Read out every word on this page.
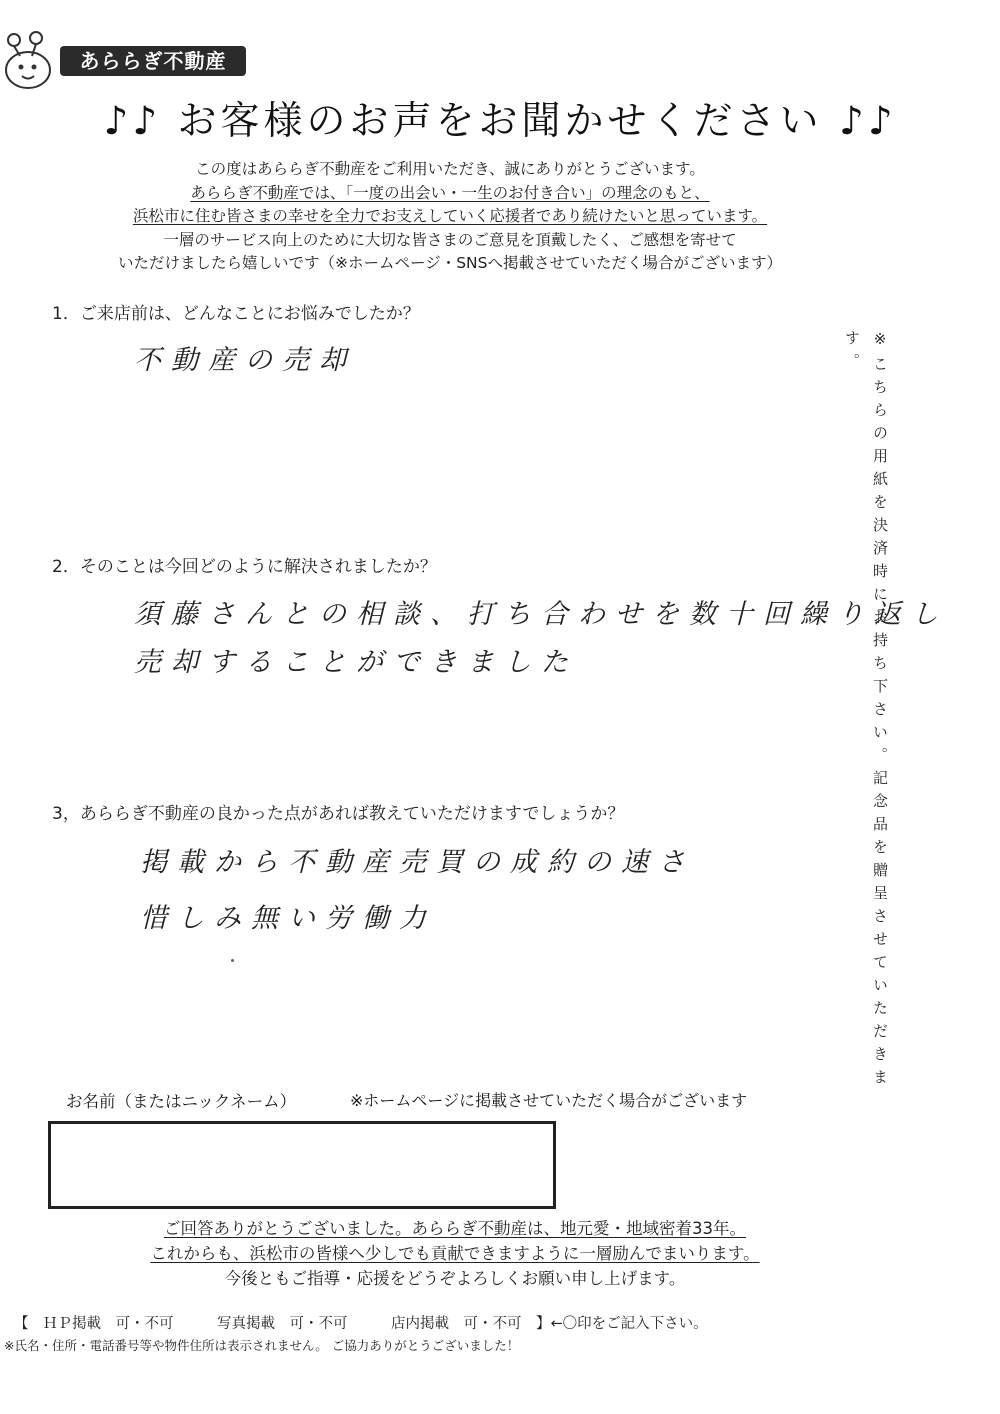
あららぎ不動産
♪♪ お客様のお声をお聞かせください ♪♪
この度はあららぎ不動産をご利用いただき、誠にありがとうございます。
あららぎ不動産では、「一度の出会い・一生のお付き合い」の理念のもと、
浜松市に住む皆さまの幸せを全力でお支えしていく応援者であり続けたいと思っています。
一層のサービス向上のために大切な皆さまのご意見を頂戴したく、ご感想を寄せて
いただけましたら嬉しいです（※ホームページ・SNSへ掲載させていただく場合がございます）
1．ご来店前は、どんなことにお悩みでしたか？
不動産の売却
2．そのことは今回どのように解決されましたか？
須藤さんとの相談、打ち合わせを数十回繰り返し
売却することができました
3，あららぎ不動産の良かった点があれば教えていただけますでしょうか？
掲載から不動産売買の成約の速さ
惜しみ無い労働力	※こちらの用紙を決済時にお持ち下さい。記念品を贈呈させていただきます。
お名前（またはニックネーム）	※ホームページに掲載させていただく場合がございます
ご回答ありがとうございました。あららぎ不動産は、地元愛・地域密着33年。
これからも、浜松市の皆様へ少しでも貢献できますように一層励んでまいります。
今後ともご指導・応援をどうぞよろしくお願い申し上げます。
【　ＨＰ掲載　可・不可　　　写真掲載　可・不可　　　店内掲載　可・不可　】←〇印をご記入下さい。
※氏名・住所・電話番号等や物件住所は表示されません。 ご協力ありがとうございました！
